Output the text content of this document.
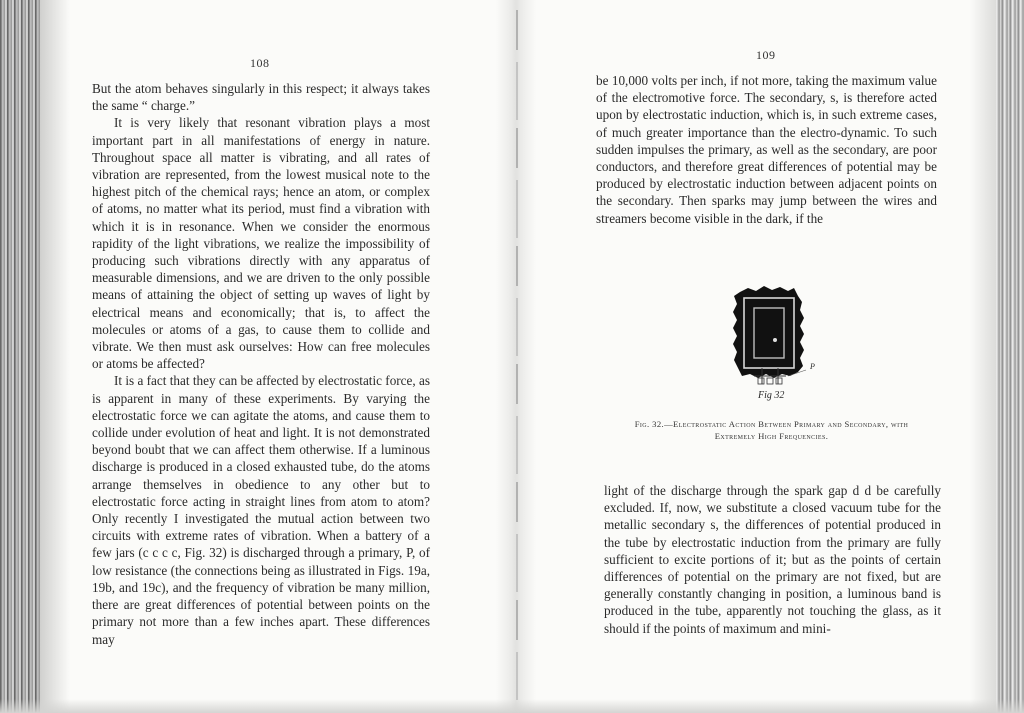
108

But the atom behaves singularly in this respect; it always takes the same “ charge.”

It is very likely that resonant vibration plays a most important part in all manifestations of energy in nature. Throughout space all matter is vibrating, and all rates of vibration are represented, from the lowest musical note to the highest pitch of the chemical rays; hence an atom, or complex of atoms, no matter what its period, must find a vibration with which it is in resonance. When we consider the enormous rapidity of the light vibrations, we realize the impossibility of producing such vibrations directly with any apparatus of measurable dimensions, and we are driven to the only possible means of attaining the object of setting up waves of light by electrical means and economically; that is, to affect the molecules or atoms of a gas, to cause them to collide and vibrate. We then must ask ourselves: How can free molecules or atoms be affected?

It is a fact that they can be affected by electrostatic force, as is apparent in many of these experiments. By varying the electrostatic force we can agitate the atoms, and cause them to collide under evolution of heat and light. It is not demonstrated beyond boubt that we can affect them otherwise. If a luminous discharge is produced in a closed exhausted tube, do the atoms arrange themselves in obedience to any other but to electrostatic force acting in straight lines from atom to atom? Only recently I investigated the mutual action between two circuits with extreme rates of vibration. When a battery of a few jars (c c c c, Fig. 32) is discharged through a primary, P, of low resistance (the connections being as illustrated in Figs. 19a, 19b, and 19c), and the frequency of vibration be many million, there are great differences of potential between points on the primary not more than a few inches apart. These differences may

109

be 10,000 volts per inch, if not more, taking the maximum value of the electromotive force. The secondary, s, is therefore acted upon by electrostatic induction, which is, in such extreme cases, of much greater importance than the electro-dynamic. To such sudden impulses the primary, as well as the secondary, are poor conductors, and therefore great differences of potential may be produced by electrostatic induction between adjacent points on the secondary. Then sparks may jump between the wires and streamers become visible in the dark, if the

P
Fig 32
Fig. 32.—Electrostatic Action Between Primary and Secondary, with
Extremely High Frequencies.

light of the discharge through the spark gap d d be carefully excluded. If, now, we substitute a closed vacuum tube for the metallic secondary s, the differences of potential produced in the tube by electrostatic induction from the primary are fully sufficient to excite portions of it; but as the points of certain differences of potential on the primary are not fixed, but are generally constantly changing in position, a luminous band is produced in the tube, apparently not touching the glass, as it should if the points of maximum and mini-
